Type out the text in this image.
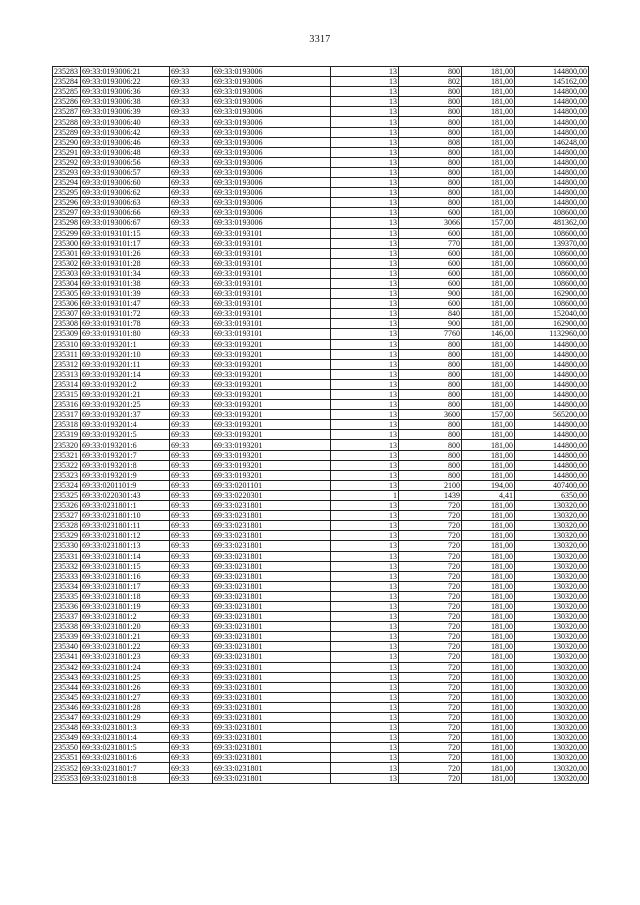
3317
235283	69:33:0193006:21	69:33	69:33:0193006	13	800	181,00	144800,00
235284	69:33:0193006:22	69:33	69:33:0193006	13	802	181,00	145162,00
235285	69:33:0193006:36	69:33	69:33:0193006	13	800	181,00	144800,00
235286	69:33:0193006:38	69:33	69:33:0193006	13	800	181,00	144800,00
235287	69:33:0193006:39	69:33	69:33:0193006	13	800	181,00	144800,00
235288	69:33:0193006:40	69:33	69:33:0193006	13	800	181,00	144800,00
235289	69:33:0193006:42	69:33	69:33:0193006	13	800	181,00	144800,00
235290	69:33:0193006:46	69:33	69:33:0193006	13	808	181,00	146248,00
235291	69:33:0193006:48	69:33	69:33:0193006	13	800	181,00	144800,00
235292	69:33:0193006:56	69:33	69:33:0193006	13	800	181,00	144800,00
235293	69:33:0193006:57	69:33	69:33:0193006	13	800	181,00	144800,00
235294	69:33:0193006:60	69:33	69:33:0193006	13	800	181,00	144800,00
235295	69:33:0193006:62	69:33	69:33:0193006	13	800	181,00	144800,00
235296	69:33:0193006:63	69:33	69:33:0193006	13	800	181,00	144800,00
235297	69:33:0193006:66	69:33	69:33:0193006	13	600	181,00	108600,00
235298	69:33:0193006:67	69:33	69:33:0193006	13	3066	157,00	481362,00
235299	69:33:0193101:15	69:33	69:33:0193101	13	600	181,00	108600,00
235300	69:33:0193101:17	69:33	69:33:0193101	13	770	181,00	139370,00
235301	69:33:0193101:26	69:33	69:33:0193101	13	600	181,00	108600,00
235302	69:33:0193101:28	69:33	69:33:0193101	13	600	181,00	108600,00
235303	69:33:0193101:34	69:33	69:33:0193101	13	600	181,00	108600,00
235304	69:33:0193101:38	69:33	69:33:0193101	13	600	181,00	108600,00
235305	69:33:0193101:39	69:33	69:33:0193101	13	900	181,00	162900,00
235306	69:33:0193101:47	69:33	69:33:0193101	13	600	181,00	108600,00
235307	69:33:0193101:72	69:33	69:33:0193101	13	840	181,00	152040,00
235308	69:33:0193101:78	69:33	69:33:0193101	13	900	181,00	162900,00
235309	69:33:0193101:80	69:33	69:33:0193101	13	7760	146,00	1132960,00
235310	69:33:0193201:1	69:33	69:33:0193201	13	800	181,00	144800,00
235311	69:33:0193201:10	69:33	69:33:0193201	13	800	181,00	144800,00
235312	69:33:0193201:11	69:33	69:33:0193201	13	800	181,00	144800,00
235313	69:33:0193201:14	69:33	69:33:0193201	13	800	181,00	144800,00
235314	69:33:0193201:2	69:33	69:33:0193201	13	800	181,00	144800,00
235315	69:33:0193201:21	69:33	69:33:0193201	13	800	181,00	144800,00
235316	69:33:0193201:25	69:33	69:33:0193201	13	800	181,00	144800,00
235317	69:33:0193201:37	69:33	69:33:0193201	13	3600	157,00	565200,00
235318	69:33:0193201:4	69:33	69:33:0193201	13	800	181,00	144800,00
235319	69:33:0193201:5	69:33	69:33:0193201	13	800	181,00	144800,00
235320	69:33:0193201:6	69:33	69:33:0193201	13	800	181,00	144800,00
235321	69:33:0193201:7	69:33	69:33:0193201	13	800	181,00	144800,00
235322	69:33:0193201:8	69:33	69:33:0193201	13	800	181,00	144800,00
235323	69:33:0193201:9	69:33	69:33:0193201	13	800	181,00	144800,00
235324	69:33:0201101:9	69:33	69:33:0201101	13	2100	194,00	407400,00
235325	69:33:0220301:43	69:33	69:33:0220301	1	1439	4,41	6350,00
235326	69:33:0231801:1	69:33	69:33:0231801	13	720	181,00	130320,00
235327	69:33:0231801:10	69:33	69:33:0231801	13	720	181,00	130320,00
235328	69:33:0231801:11	69:33	69:33:0231801	13	720	181,00	130320,00
235329	69:33:0231801:12	69:33	69:33:0231801	13	720	181,00	130320,00
235330	69:33:0231801:13	69:33	69:33:0231801	13	720	181,00	130320,00
235331	69:33:0231801:14	69:33	69:33:0231801	13	720	181,00	130320,00
235332	69:33:0231801:15	69:33	69:33:0231801	13	720	181,00	130320,00
235333	69:33:0231801:16	69:33	69:33:0231801	13	720	181,00	130320,00
235334	69:33:0231801:17	69:33	69:33:0231801	13	720	181,00	130320,00
235335	69:33:0231801:18	69:33	69:33:0231801	13	720	181,00	130320,00
235336	69:33:0231801:19	69:33	69:33:0231801	13	720	181,00	130320,00
235337	69:33:0231801:2	69:33	69:33:0231801	13	720	181,00	130320,00
235338	69:33:0231801:20	69:33	69:33:0231801	13	720	181,00	130320,00
235339	69:33:0231801:21	69:33	69:33:0231801	13	720	181,00	130320,00
235340	69:33:0231801:22	69:33	69:33:0231801	13	720	181,00	130320,00
235341	69:33:0231801:23	69:33	69:33:0231801	13	720	181,00	130320,00
235342	69:33:0231801:24	69:33	69:33:0231801	13	720	181,00	130320,00
235343	69:33:0231801:25	69:33	69:33:0231801	13	720	181,00	130320,00
235344	69:33:0231801:26	69:33	69:33:0231801	13	720	181,00	130320,00
235345	69:33:0231801:27	69:33	69:33:0231801	13	720	181,00	130320,00
235346	69:33:0231801:28	69:33	69:33:0231801	13	720	181,00	130320,00
235347	69:33:0231801:29	69:33	69:33:0231801	13	720	181,00	130320,00
235348	69:33:0231801:3	69:33	69:33:0231801	13	720	181,00	130320,00
235349	69:33:0231801:4	69:33	69:33:0231801	13	720	181,00	130320,00
235350	69:33:0231801:5	69:33	69:33:0231801	13	720	181,00	130320,00
235351	69:33:0231801:6	69:33	69:33:0231801	13	720	181,00	130320,00
235352	69:33:0231801:7	69:33	69:33:0231801	13	720	181,00	130320,00
235353	69:33:0231801:8	69:33	69:33:0231801	13	720	181,00	130320,00
